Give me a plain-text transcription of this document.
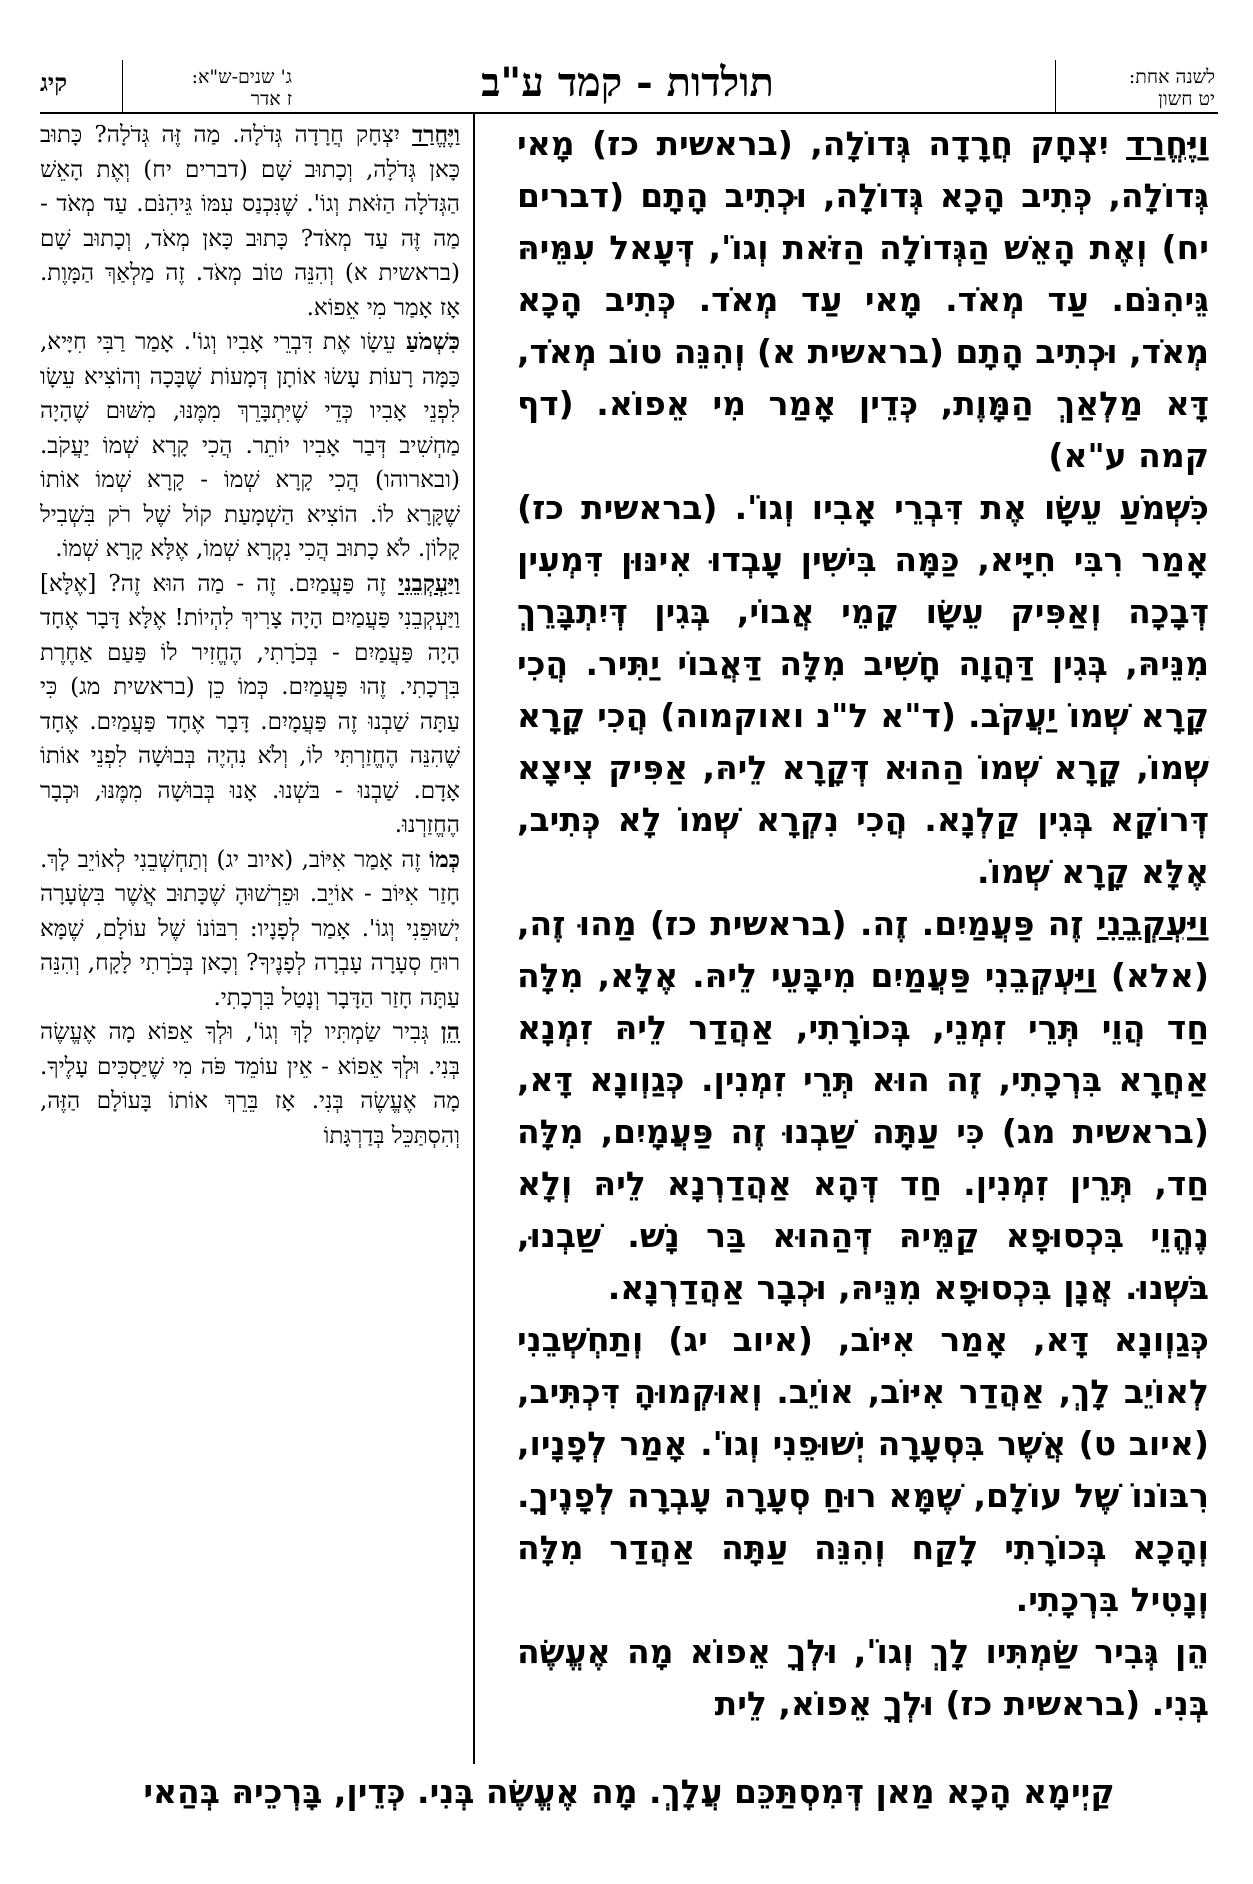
לשנה אחת:
יט חשון
תולדות - קמד ע"ב
ג' שנים-ש"א:
ז אדר
קיג

וַיֶּחֱרַד יִצְחָק חֲרָדָה גְּדוֹלָה, (בראשית כז) מָאי גְּדוֹלָה, כְּתִיב הָכָא גְּדוֹלָה, וּכְתִיב הָתָם (דברים יח) וְאֶת הָאֵשׁ הַגְּדוֹלָה הַזֹּאת וְגוֹ', דְּעָאל עִמֵּיהּ גֵּיהִנֹּם. עַד מְאֹד. מָאי עַד מְאֹד. כְּתִיב הָכָא מְאֹד, וּכְתִיב הָתָם (בראשית א) וְהִנֵּה טוֹב מְאֹד, דָּא מַלְאַךְ הַמָּוֶת, כְּדֵין אָמַר מִי אֵפוֹא. (דף קמה ע"א)

כִּשְׁמֹעַ עֵשָׂו אֶת דִּבְרֵי אָבִיו וְגוֹ'. (בראשית כז) אָמַר רִבִּי חִיָּיא, כַּמָּה בִּישִׁין עָבְדוּ אִינּוּן דִּמְעִין דְּבָכָה וְאַפִּיק עֵשָׂו קָמֵי אֲבוֹי, בְּגִין דְּיִתְבָּרֵךְ מִנֵּיהּ, בְּגִין דַּהֲוָה חָשִׁיב מִלָּה דַּאֲבוֹי יַתִּיר. הֲכִי קָרָא שְׁמוֹ יַעֲקֹב. (ד"א ל"נ ואוקמוה) הֲכִי קָרָא שְׁמוֹ, קָרָא שְׁמוֹ הַהוּא דְּקָרָא לֵיהּ, אַפִּיק צִיצָא דְּרוֹקָא בְּגִין קַלְנָא. הֲכִי נִקְרָא שְׁמוֹ לָא כְּתִיב, אֶלָּא קָרָא שְׁמוֹ.

וַיַּעְקְבֵנִי זֶה פַּעֲמַיִם. זֶה. (בראשית כז) מַהוּ זֶה, (אלא) וַיַּעְקְבֵנִי פַּעֲמַיִם מִיבָּעֵי לֵיהּ. אֶלָּא, מִלָּה חַד הֲוֵי תְּרֵי זִמְנֵי, בְּכוֹרָתִי, אַהֲדַר לֵיהּ זִמְנָא אַחֲרָא בִּרְכָתִי, זֶה הוּא תְּרֵי זִמְנִין. כְּגַוְונָא דָּא, (בראשית מג) כִּי עַתָּה שַׁבְנוּ זֶה פַּעֲמָיִם, מִלָּה חַד, תְּרֵין זִמְנִין. חַד דְּהָא אַהֲדַרְנָא לֵיהּ וְלָא נֶהֱוֵי בִּכְסוּפָא קַמֵּיהּ דְּהַהוּא בַּר נָשׁ. שַׁבְנוּ, בּשְׁנוּ. אֲנָן בִּכְסוּפָא מִנֵּיהּ, וּכְבָר אַהֲדַרְנָא.

כְּגַוְונָא דָּא, אָמַר אִיּוֹב, (איוב יג) וְתַחְשְׁבֵנִי לְאוֹיֵב לָךְ, אַהֲדַר אִיּוֹב, אוֹיֵב. וְאוּקְמוּהָ דִּכְתִּיב, (איוב ט) אֲשֶׁר בִּסְעָרָה יְשׁוּפֵנִי וְגוֹ'. אָמַר לְפָנָיו, רִבּוֹנוֹ שֶׁל עוֹלָם, שֶׁמָּא רוּחַ סְעָרָה עָבְרָה לְפָנֶיךָ. וְהָכָא בְּכוֹרָתִי לָקַח וְהִנֵּה עַתָּה אַהֲדַר מִלָּה וְנָטִיל בִּרְכָתִי.

הֵן גְּבִיר שַׂמְתִּיו לָךְ וְגוֹ', וּלְךָ אֵפוֹא מָה אֶעֱשֶׂה בְּנִי. (בראשית כז) וּלְךָ אֵפוֹא, לֵית

וַיֶּחֱרַד יִצְחָק חֲרָדָה גְּדֹלָה. מַה זֶּה גְּדֹלָה? כָּתוּב כָּאן גְּדֹלָה, וְכָתוּב שָׁם (דברים יח) וְאֶת הָאֵשׁ הַגְּדֹלָה הַזֹּאת וְגוֹ'. שֶׁנִּכְנַס עִמּוֹ גֵּיהִנֹּם. עַד מְאֹד - מַה זֶּה עַד מְאֹד? כָּתוּב כָּאן מְאֹד, וְכָתוּב שָׁם (בראשית א) וְהִנֵּה טוֹב מְאֹד. זֶה מַלְאַךְ הַמָּוֶת. אָז אָמַר מִי אֵפוֹא.

כִּשְׁמֹעַ עֵשָׂו אֶת דִּבְרֵי אָבִיו וְגוֹ'. אָמַר רַבִּי חִיָּיא, כַּמָּה רָעוֹת עָשׂוּ אוֹתָן דְּמָעוֹת שֶׁבָּכָה וְהוֹצִיא עֵשָׂו לִפְנֵי אָבִיו כְּדֵי שֶׁיִּתְבָּרֵךְ מִמֶּנּוּ, מִשּׁוּם שֶׁהָיָה מַחְשִׁיב דְּבַר אָבִיו יוֹתֵר. הֲכִי קָרָא שְׁמוֹ יַעֲקֹב. (ובארוהו) הֲכִי קָרָא שְׁמוֹ - קָרָא שְׁמוֹ אוֹתוֹ שֶׁקָּרָא לוֹ. הוֹצִיא הַשְׁמָעַת קוֹל שֶׁל רֹק בִּשְׁבִיל קָלוֹן. לֹא כָתוּב הֲכִי נִקְרָא שְׁמוֹ, אֶלָּא קָרָא שְׁמוֹ.

וַיַּעְקְבֵנִי זֶה פַּעֲמַיִם. זֶה - מַה הוּא זֶה? [אֶלָּא] וַיַּעְקְבֵנִי פַּעֲמַיִם הָיָה צָרִיךְ לִהְיוֹת! אֶלָּא דָּבָר אֶחָד הָיָה פַּעֲמַיִם - בְּכֹרָתִי, הֶחֱזִיר לוֹ פַּעַם אַחֶרֶת בִּרְכָתִי. זֶהוּ פַּעֲמַיִם. כְּמוֹ כֵן (בראשית מג) כִּי עַתָּה שַׁבְנוּ זֶה פַּעֲמָיִם. דָּבָר אֶחָד פַּעֲמַיִם. אֶחָד שֶׁהִנֵּה הֶחֱזַרְתִּי לוֹ, וְלֹא נִהְיֶה בְּבוּשָׁה לִפְנֵי אוֹתוֹ אָדָם. שַׁבְנוּ - בּשְׁנוּ. אָנוּ בְּבוּשָׁה מִמֶּנּוּ, וּכְבָר הֶחֱזַרְנוּ.

כְּמוֹ זֶה אָמַר אִיּוֹב, (איוב יג) וְתַחְשְׁבֵנִי לְאוֹיֵב לָךְ. חָזַר אִיּוֹב - אוֹיֵב. וּפֵרְשׁוּהָ שֶׁכָּתוּב אֲשֶׁר בִּשְׂעָרָה יְשׁוּפֵנִי וְגוֹ'. אָמַר לְפָנָיו: רִבּוֹנוֹ שֶׁל עוֹלָם, שֶׁמָּא רוּחַ סְעָרָה עָבְרָה לְפָנֶיךָ? וְכָאן בְּכֹרָתִי לָקָח, וְהִנֵּה עַתָּה חָזַר הַדָּבָר וְנָטַל בִּרְכָתִי.

הֵן גְּבִיר שַׂמְתִּיו לָךְ וְגוֹ', וּלְךָ אֵפוֹא מָה אֶעֱשֶׂה בְּנִי. וּלְךָ אֵפוֹא - אֵין עוֹמֵד פֹּה מִי שֶׁיַּסְכִּים עָלֶיךָ. מָה אֶעֱשֶׂה בְּנִי. אָז בֵּרֵךְ אוֹתוֹ בָּעוֹלָם הַזֶּה, וְהִסְתַּכֵּל בְּדַרְגָּתוֹ

קַיְימָא הָכָא מַאן דְּמִסְתַּכֵּם עֲלָךְ. מָה אֶעֱשֶׂה בְּנִי. כְּדֵין, בָּרְכֵיהּ בְּהַאי
